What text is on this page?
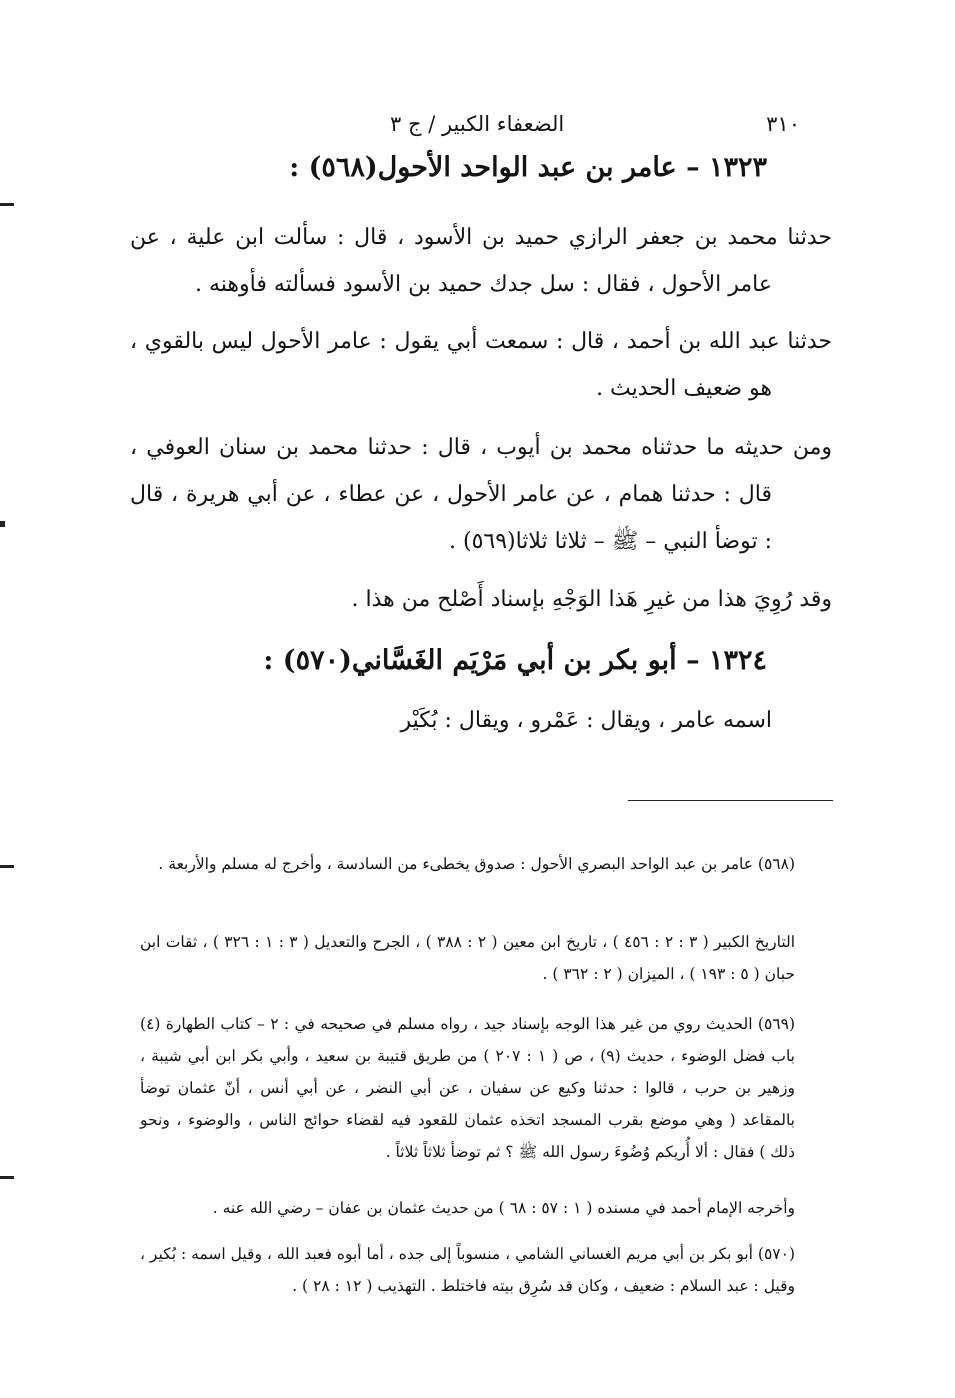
٣١٠
الضعفاء الكبير / ج ٣
١٣٢٣ – عامر بن عبد الواحد الأحول(٥٦٨) :
حدثنا محمد بن جعفر الرازي حميد بن الأسود ، قال : سألت ابن علية ، عن عامر الأحول ، فقال : سل جدك حميد بن الأسود فسألته فأوهنه .
حدثنا عبد الله بن أحمد ، قال : سمعت أبي يقول : عامر الأحول ليس بالقوي ، هو ضعيف الحديث .
ومن حديثه ما حدثناه محمد بن أيوب ، قال : حدثنا محمد بن سنان العوفي ، قال : حدثنا همام ، عن عامر الأحول ، عن عطاء ، عن أبي هريرة ، قال : توضأ النبي – ﷺ – ثلاثا ثلاثا(٥٦٩) .
وقد رُوِيَ هذا من غيرِ هَذا الوَجْهِ بإسناد أَصْلح من هذا .
١٣٢٤ – أبو بكر بن أبي مَرْيَم الغَسَّاني(٥٧٠) :
اسمه عامر ، ويقال : عَمْرو ، ويقال : بُكَيْر
(٥٦٨) عامر بن عبد الواحد البصري الأحول : صدوق يخطىء من السادسة ، وأخرج له مسلم والأربعة .
التاريخ الكبير ( ٣ : ٢ : ٤٥٦ ) ، تاريخ ابن معين ( ٢ : ٣٨٨ ) ، الجرح والتعديل ( ٣ : ١ : ٣٢٦ ) ، ثقات ابن حبان ( ٥ : ١٩٣ ) ، الميزان ( ٢ : ٣٦٢ ) .
(٥٦٩) الحديث روي من غير هذا الوجه بإسناد جيد ، رواه مسلم في صحيحه في : ٢ – كتاب الطهارة (٤) باب فضل الوضوء ، حديث (٩) ، ص ( ١ : ٢٠٧ ) من طريق قتيبة بن سعيد ، وأبي بكر ابن أبي شيبة ، وزهير بن حرب ، قالوا : حدثنا وكيع عن سفيان ، عن أبي النضر ، عن أبي أنس ، أنّ عثمان توضأ بالمقاعد ( وهي موضع بقرب المسجد اتخذه عثمان للقعود فيه لقضاء حوائج الناس ، والوضوء ، ونحو ذلك ) فقال : ألا أُريكم وُضُوءَ رسول الله ﷺ ؟ ثم توضأ ثلاثاً ثلاثاً .
وأخرجه الإمام أحمد في مسنده ( ١ : ٥٧ : ٦٨ ) من حديث عثمان بن عفان – رضي الله عنه .
(٥٧٠) أبو بكر بن أبي مريم الغساني الشامي ، منسوباً إلى جده ، أما أبوه فعبد الله ، وقيل اسمه : بُكير ، وقيل : عبد السلام : ضعيف ، وكان قد سُرِق بيته فاختلط . التهذيب ( ١٢ : ٢٨ ) .
